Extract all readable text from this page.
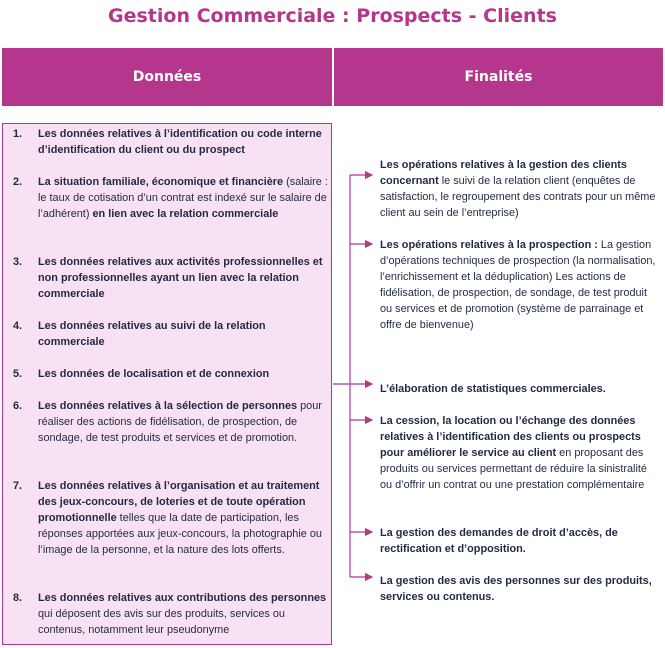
Gestion Commerciale : Prospects - Clients
Données	Finalités
1. Les données relatives à l’identification ou code interne d’identification du client ou du prospect
2. La situation familiale, économique et financière (salaire : le taux de cotisation d’un contrat est indexé sur le salaire de l’adhérent) en lien avec la relation commerciale
3. Les données relatives aux activités professionnelles et non professionnelles ayant un lien avec la relation commerciale
4. Les données relatives au suivi de la relation commerciale
5. Les données de localisation et de connexion
6. Les données relatives à la sélection de personnes pour réaliser des actions de fidélisation, de prospection, de sondage, de test produits et services et de promotion.
7. Les données relatives à l’organisation et au traitement des jeux-concours, de loteries et de toute opération promotionnelle telles que la date de participation, les réponses apportées aux jeux-concours, la photographie ou l’image de la personne, et la nature des lots offerts.
8. Les données relatives aux contributions des personnes qui déposent des avis sur des produits, services ou contenus, notamment leur pseudonyme
Les opérations relatives à la gestion des clients concernant le suivi de la relation client (enquêtes de satisfaction, le regroupement des contrats pour un même client au sein de l’entreprise)
Les opérations relatives à la prospection : La gestion d’opérations techniques de prospection (la normalisation, l’enrichissement et la déduplication) Les actions de fidélisation, de prospection, de sondage, de test produit ou services et de promotion (système de parrainage et offre de bienvenue)
L’élaboration de statistiques commerciales.
La cession, la location ou l’échange des données relatives à l’identification des clients ou prospects pour améliorer le service au client en proposant des produits ou services permettant de réduire la sinistralité ou d’offrir un contrat ou une prestation complémentaire
La gestion des demandes de droit d’accès, de rectification et d’opposition.
La gestion des avis des personnes sur des produits, services ou contenus.
